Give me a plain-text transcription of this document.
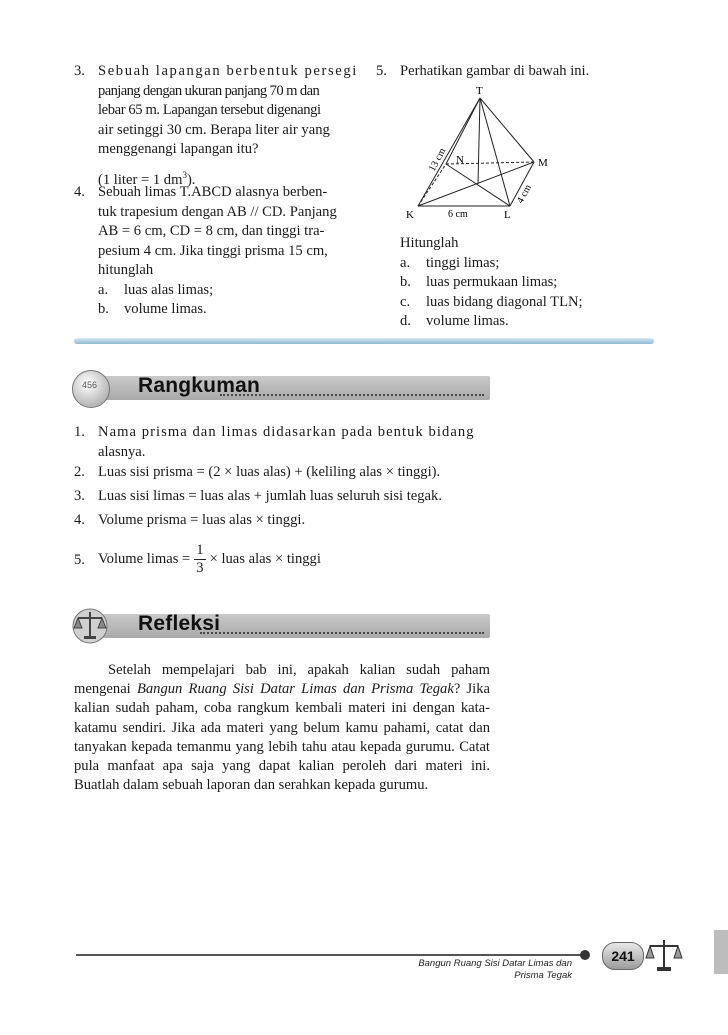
3. Sebuah lapangan berbentuk persegi
panjang dengan ukuran panjang 70 m dan
lebar 65 m. Lapangan tersebut digenangi
air setinggi 30 cm. Berapa liter air yang
menggenangi lapangan itu?
(1 liter = 1 $dm^3$).
4. Sebuah limas T.ABCD alasnya berben-
tuk trapesium dengan AB // CD. Panjang
AB = 6 cm, CD = 8 cm, dan tinggi tra-
pesium 4 cm. Jika tinggi prisma 15 cm,
hitunglah
a.	luas alas limas;
b.	volume limas.
5. Perhatikan gambar di bawah ini.
T
N	M
K	L
6 cm
13 cm
4 cm
Hitunglah
a.	tinggi limas;
b.	luas permukaan limas;
c.	luas bidang diagonal TLN;
d.	volume limas.
456 Rangkuman
1. Nama prisma dan limas didasarkan pada bentuk bidang
alasnya.
2. Luas sisi prisma = (2 × luas alas) + (keliling alas × tinggi).
3. Luas sisi limas = luas alas + jumlah luas seluruh sisi tegak.
4. Volume prisma = luas alas × tinggi.
5. Volume limas = $\frac{1}{3}$ × luas alas × tinggi
Refleksi
Setelah mempelajari bab ini, apakah kalian sudah paham mengenai Bangun Ruang Sisi Datar Limas dan Prisma Tegak? Jika kalian sudah paham, coba rangkum kembali materi ini dengan kata-katamu sendiri. Jika ada materi yang belum kamu pahami, catat dan tanyakan kepada temanmu yang lebih tahu atau kepada gurumu. Catat pula manfaat apa saja yang dapat kalian peroleh dari materi ini. Buatlah dalam sebuah laporan dan serahkan kepada gurumu.
Bangun Ruang Sisi Datar Limas dan
Prisma Tegak
241
